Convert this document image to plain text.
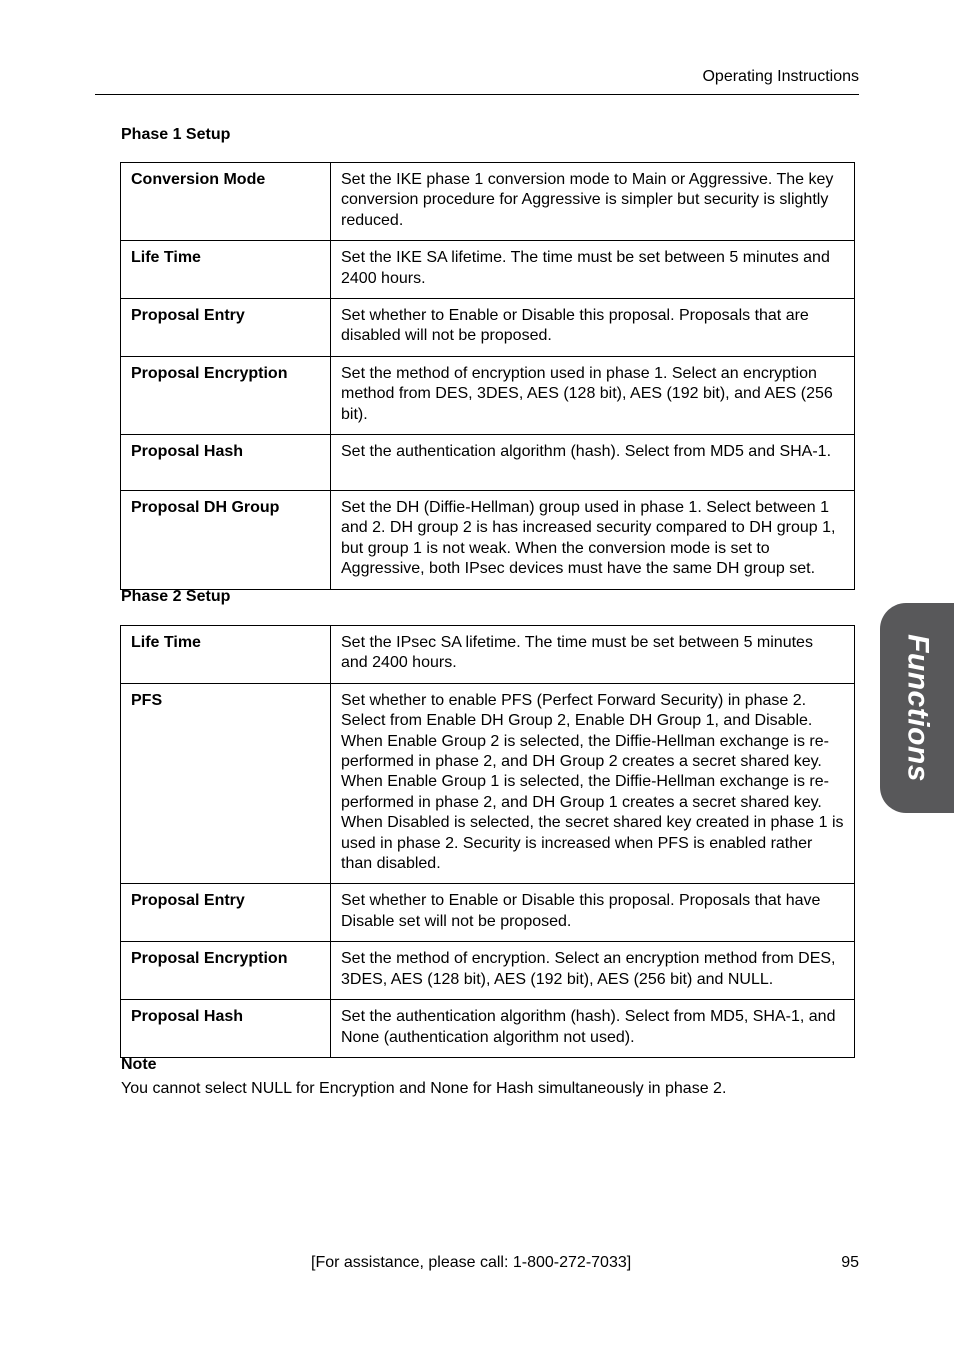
Operating Instructions
Phase 1 Setup
Conversion Mode	Set the IKE phase 1 conversion mode to Main or Aggressive. The key conversion procedure for Aggressive is simpler but security is slightly reduced.
Life Time	Set the IKE SA lifetime. The time must be set between 5 minutes and 2400 hours.
Proposal Entry	Set whether to Enable or Disable this proposal. Proposals that are disabled will not be proposed.
Proposal Encryption	Set the method of encryption used in phase 1. Select an encryption method from DES, 3DES, AES (128 bit), AES (192 bit), and AES (256 bit).
Proposal Hash	Set the authentication algorithm (hash). Select from MD5 and SHA-1.
Proposal DH Group	Set the DH (Diffie-Hellman) group used in phase 1. Select between 1 and 2. DH group 2 is has increased security compared to DH group 1, but group 1 is not weak. When the conversion mode is set to Aggressive, both IPsec devices must have the same DH group set.
Phase 2 Setup
Life Time	Set the IPsec SA lifetime. The time must be set between 5 minutes and 2400 hours.
PFS	Set whether to enable PFS (Perfect Forward Security) in phase 2. Select from Enable DH Group 2, Enable DH Group 1, and Disable. When Enable Group 2 is selected, the Diffie-Hellman exchange is re-performed in phase 2, and DH Group 2 creates a secret shared key. When Enable Group 1 is selected, the Diffie-Hellman exchange is re-performed in phase 2, and DH Group 1 creates a secret shared key. When Disabled is selected, the secret shared key created in phase 1 is used in phase 2. Security is increased when PFS is enabled rather than disabled.
Proposal Entry	Set whether to Enable or Disable this proposal. Proposals that have Disable set will not be proposed.
Proposal Encryption	Set the method of encryption. Select an encryption method from DES, 3DES, AES (128 bit), AES (192 bit), AES (256 bit) and NULL.
Proposal Hash	Set the authentication algorithm (hash). Select from MD5, SHA-1, and None (authentication algorithm not used).
Note
You cannot select NULL for Encryption and None for Hash simultaneously in phase 2.
Functions
[For assistance, please call: 1-800-272-7033]	95
